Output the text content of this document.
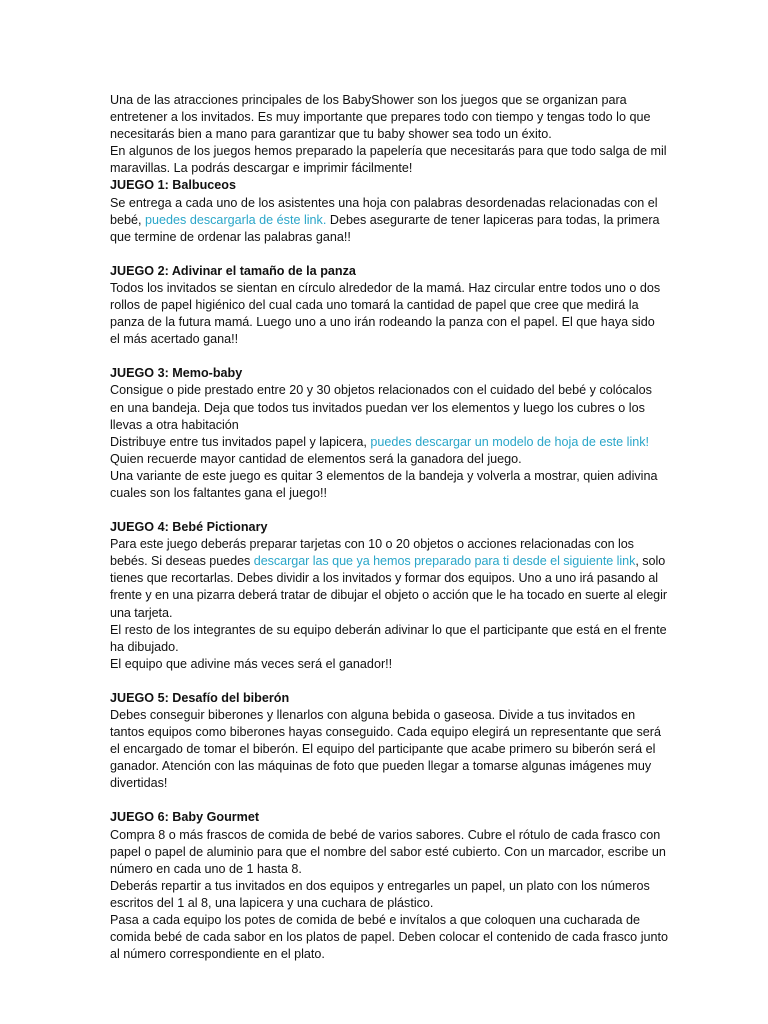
Una de las atracciones principales de los BabyShower son los juegos que se organizan para entretener a los invitados. Es muy importante que prepares todo con tiempo y tengas todo lo que necesitarás bien a mano para garantizar que tu baby shower sea todo un éxito.

En algunos de los juegos hemos preparado la papelería que necesitarás para que todo salga de mil maravillas. La podrás descargar e imprimir fácilmente!

JUEGO 1: Balbuceos

Se entrega a cada uno de los asistentes una hoja con palabras desordenadas relacionadas con el bebé, puedes descargarla de éste link. Debes asegurarte de tener lapiceras para todas, la primera que termine de ordenar las palabras gana!!

JUEGO 2: Adivinar el tamaño de la panza

Todos los invitados se sientan en círculo alrededor de la mamá. Haz circular entre todos uno o dos rollos de papel higiénico del cual cada uno tomará la cantidad de papel que cree que medirá la panza de la futura mamá. Luego uno a uno irán rodeando la panza con el papel. El que haya sido el más acertado gana!!

JUEGO 3: Memo-baby

Consigue o pide prestado entre 20 y 30 objetos relacionados con el cuidado del bebé y colócalos en una bandeja. Deja que todos tus invitados puedan ver los elementos y luego los cubres o los llevas a otra habitación

Distribuye entre tus invitados papel y lapicera, puedes descargar un modelo de hoja de este link! Quien recuerde mayor cantidad de elementos será la ganadora del juego.

Una variante de este juego es quitar 3 elementos de la bandeja y volverla a mostrar, quien adivina cuales son los faltantes gana el juego!!

JUEGO 4: Bebé Pictionary

Para este juego deberás preparar tarjetas con 10 o 20 objetos o acciones relacionadas con los bebés. Si deseas puedes descargar las que ya hemos preparado para ti desde el siguiente link, solo tienes que recortarlas. Debes dividir a los invitados y formar dos equipos. Uno a uno irá pasando al frente y en una pizarra deberá tratar de dibujar el objeto o acción que le ha tocado en suerte al elegir una tarjeta.

El resto de los integrantes de su equipo deberán adivinar lo que el participante que está en el frente ha dibujado.

El equipo que adivine más veces será el ganador!!

JUEGO 5: Desafío del biberón

Debes conseguir biberones y llenarlos con alguna bebida o gaseosa. Divide a tus invitados en tantos equipos como biberones hayas conseguido. Cada equipo elegirá un representante que será el encargado de tomar el biberón. El equipo del participante que acabe primero su biberón será el ganador. Atención con las máquinas de foto que pueden llegar a tomarse algunas imágenes muy divertidas!

JUEGO 6: Baby Gourmet

Compra 8 o más frascos de comida de bebé de varios sabores. Cubre el rótulo de cada frasco con papel o papel de aluminio para que el nombre del sabor esté cubierto. Con un marcador, escribe un número en cada uno de 1 hasta 8.

Deberás repartir a tus invitados en dos equipos y entregarles un papel, un plato con los números escritos del 1 al 8, una lapicera y una cuchara de plástico.

Pasa a cada equipo los potes de comida de bebé e invítalos a que coloquen una cucharada de comida bebé de cada sabor en los platos de papel. Deben colocar el contenido de cada frasco junto al número correspondiente en el plato.
